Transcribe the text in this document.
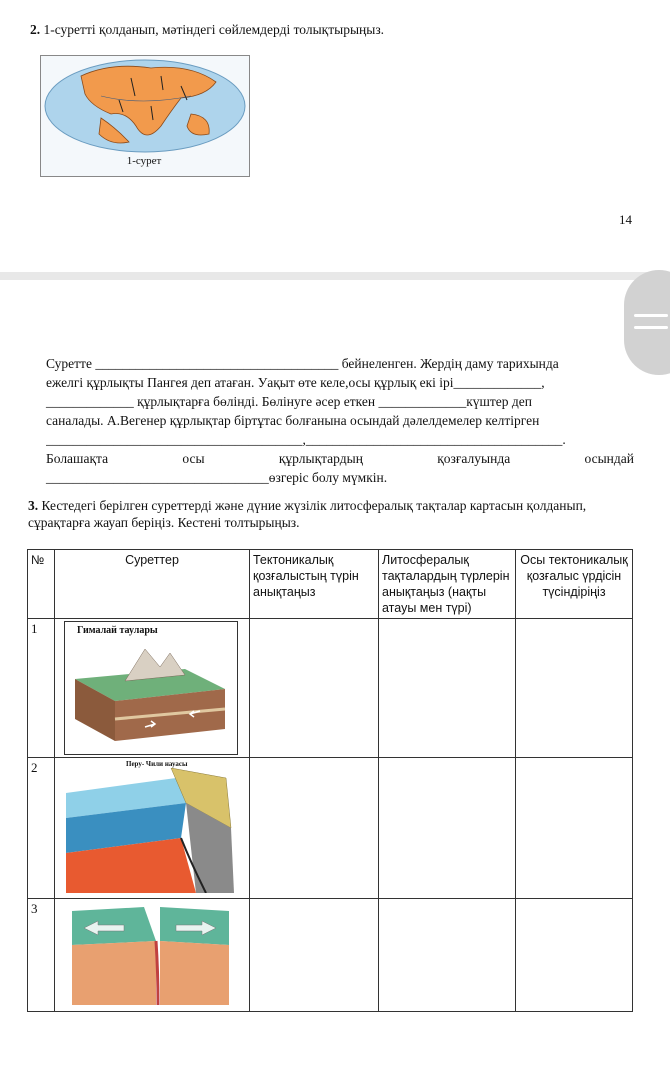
2. 1-суретті қолданып, мәтіндегі сөйлемдерді толықтырыңыз.
1-сурет
14
Суретте ____________________________________ бейнеленген. Жердің даму тарихында
ежелгі құрлықты Пангея деп атаған. Уақыт өте келе,осы құрлық екі ірі_____________,
_____________ құрлықтарға бөлінді. Бөлінуге әсер еткен _____________күштер деп
саналады. А.Вегенер құрлықтар біртұтас болғанына осындай дәлелдемелер келтірген
______________________________________,______________________________________.
Болашақта	осы	құрлықтардың	қозғалуында	осындай
_________________________________өзгеріс болу мүмкін.
3. Кестедегі берілген суреттерді және дүние жүзілік литосфералық тақталар картасын қолданып, сұрақтарға жауап беріңіз. Кестені толтырыңыз.
№	Суреттер	Тектоникалық қозғалыстың түрін анықтаңыз	Литосфералық тақталардың түрлерін анықтаңыз (нақты атауы мен түрі)	Осы тектоникалық қозғалыс үрдісін түсіндіріңіз
1	Гималай таулары			

2	Перу- Чили науасы			

3				
